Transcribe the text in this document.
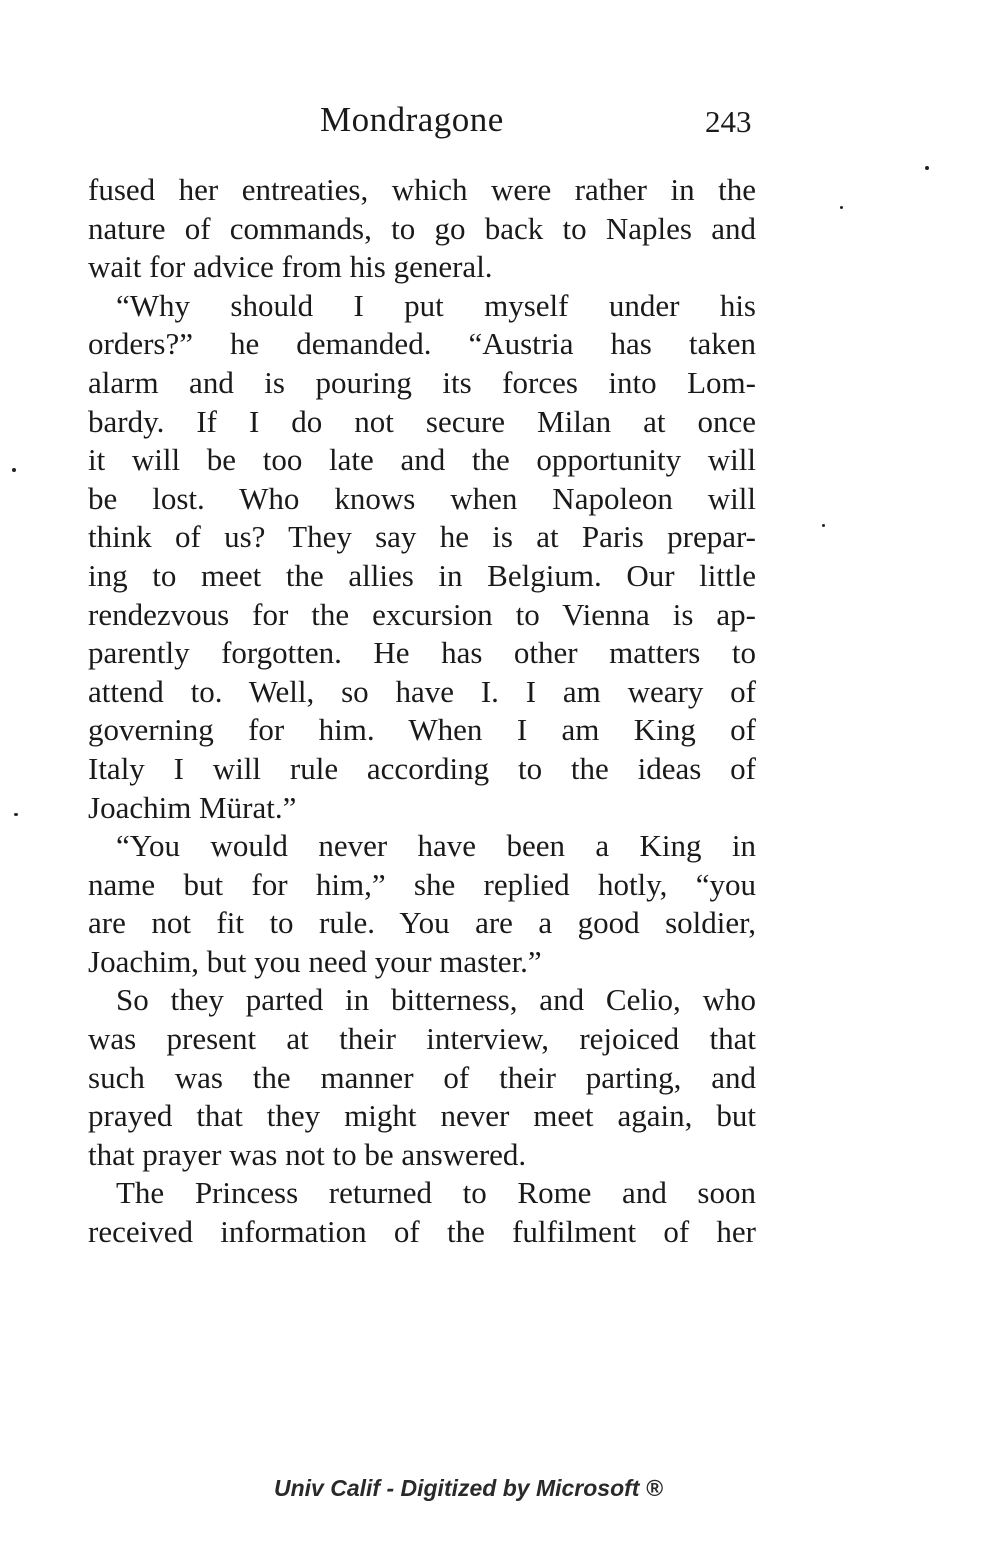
Mondragone	243
fused her entreaties, which were rather in the
nature of commands, to go back to Naples and
wait for advice from his general.
“Why should I put myself under his
orders?” he demanded. “Austria has taken
alarm and is pouring its forces into Lom-
bardy. If I do not secure Milan at once
it will be too late and the opportunity will
be lost. Who knows when Napoleon will
think of us? They say he is at Paris prepar-
ing to meet the allies in Belgium. Our little
rendezvous for the excursion to Vienna is ap-
parently forgotten. He has other matters to
attend to. Well, so have I. I am weary of
governing for him. When I am King of
Italy I will rule according to the ideas of
Joachim Mürat.”
“You would never have been a King in
name but for him,” she replied hotly, “you
are not fit to rule. You are a good soldier,
Joachim, but you need your master.”
So they parted in bitterness, and Celio, who
was present at their interview, rejoiced that
such was the manner of their parting, and
prayed that they might never meet again, but
that prayer was not to be answered.
The Princess returned to Rome and soon
received information of the fulfilment of her
Univ Calif - Digitized by Microsoft ®
